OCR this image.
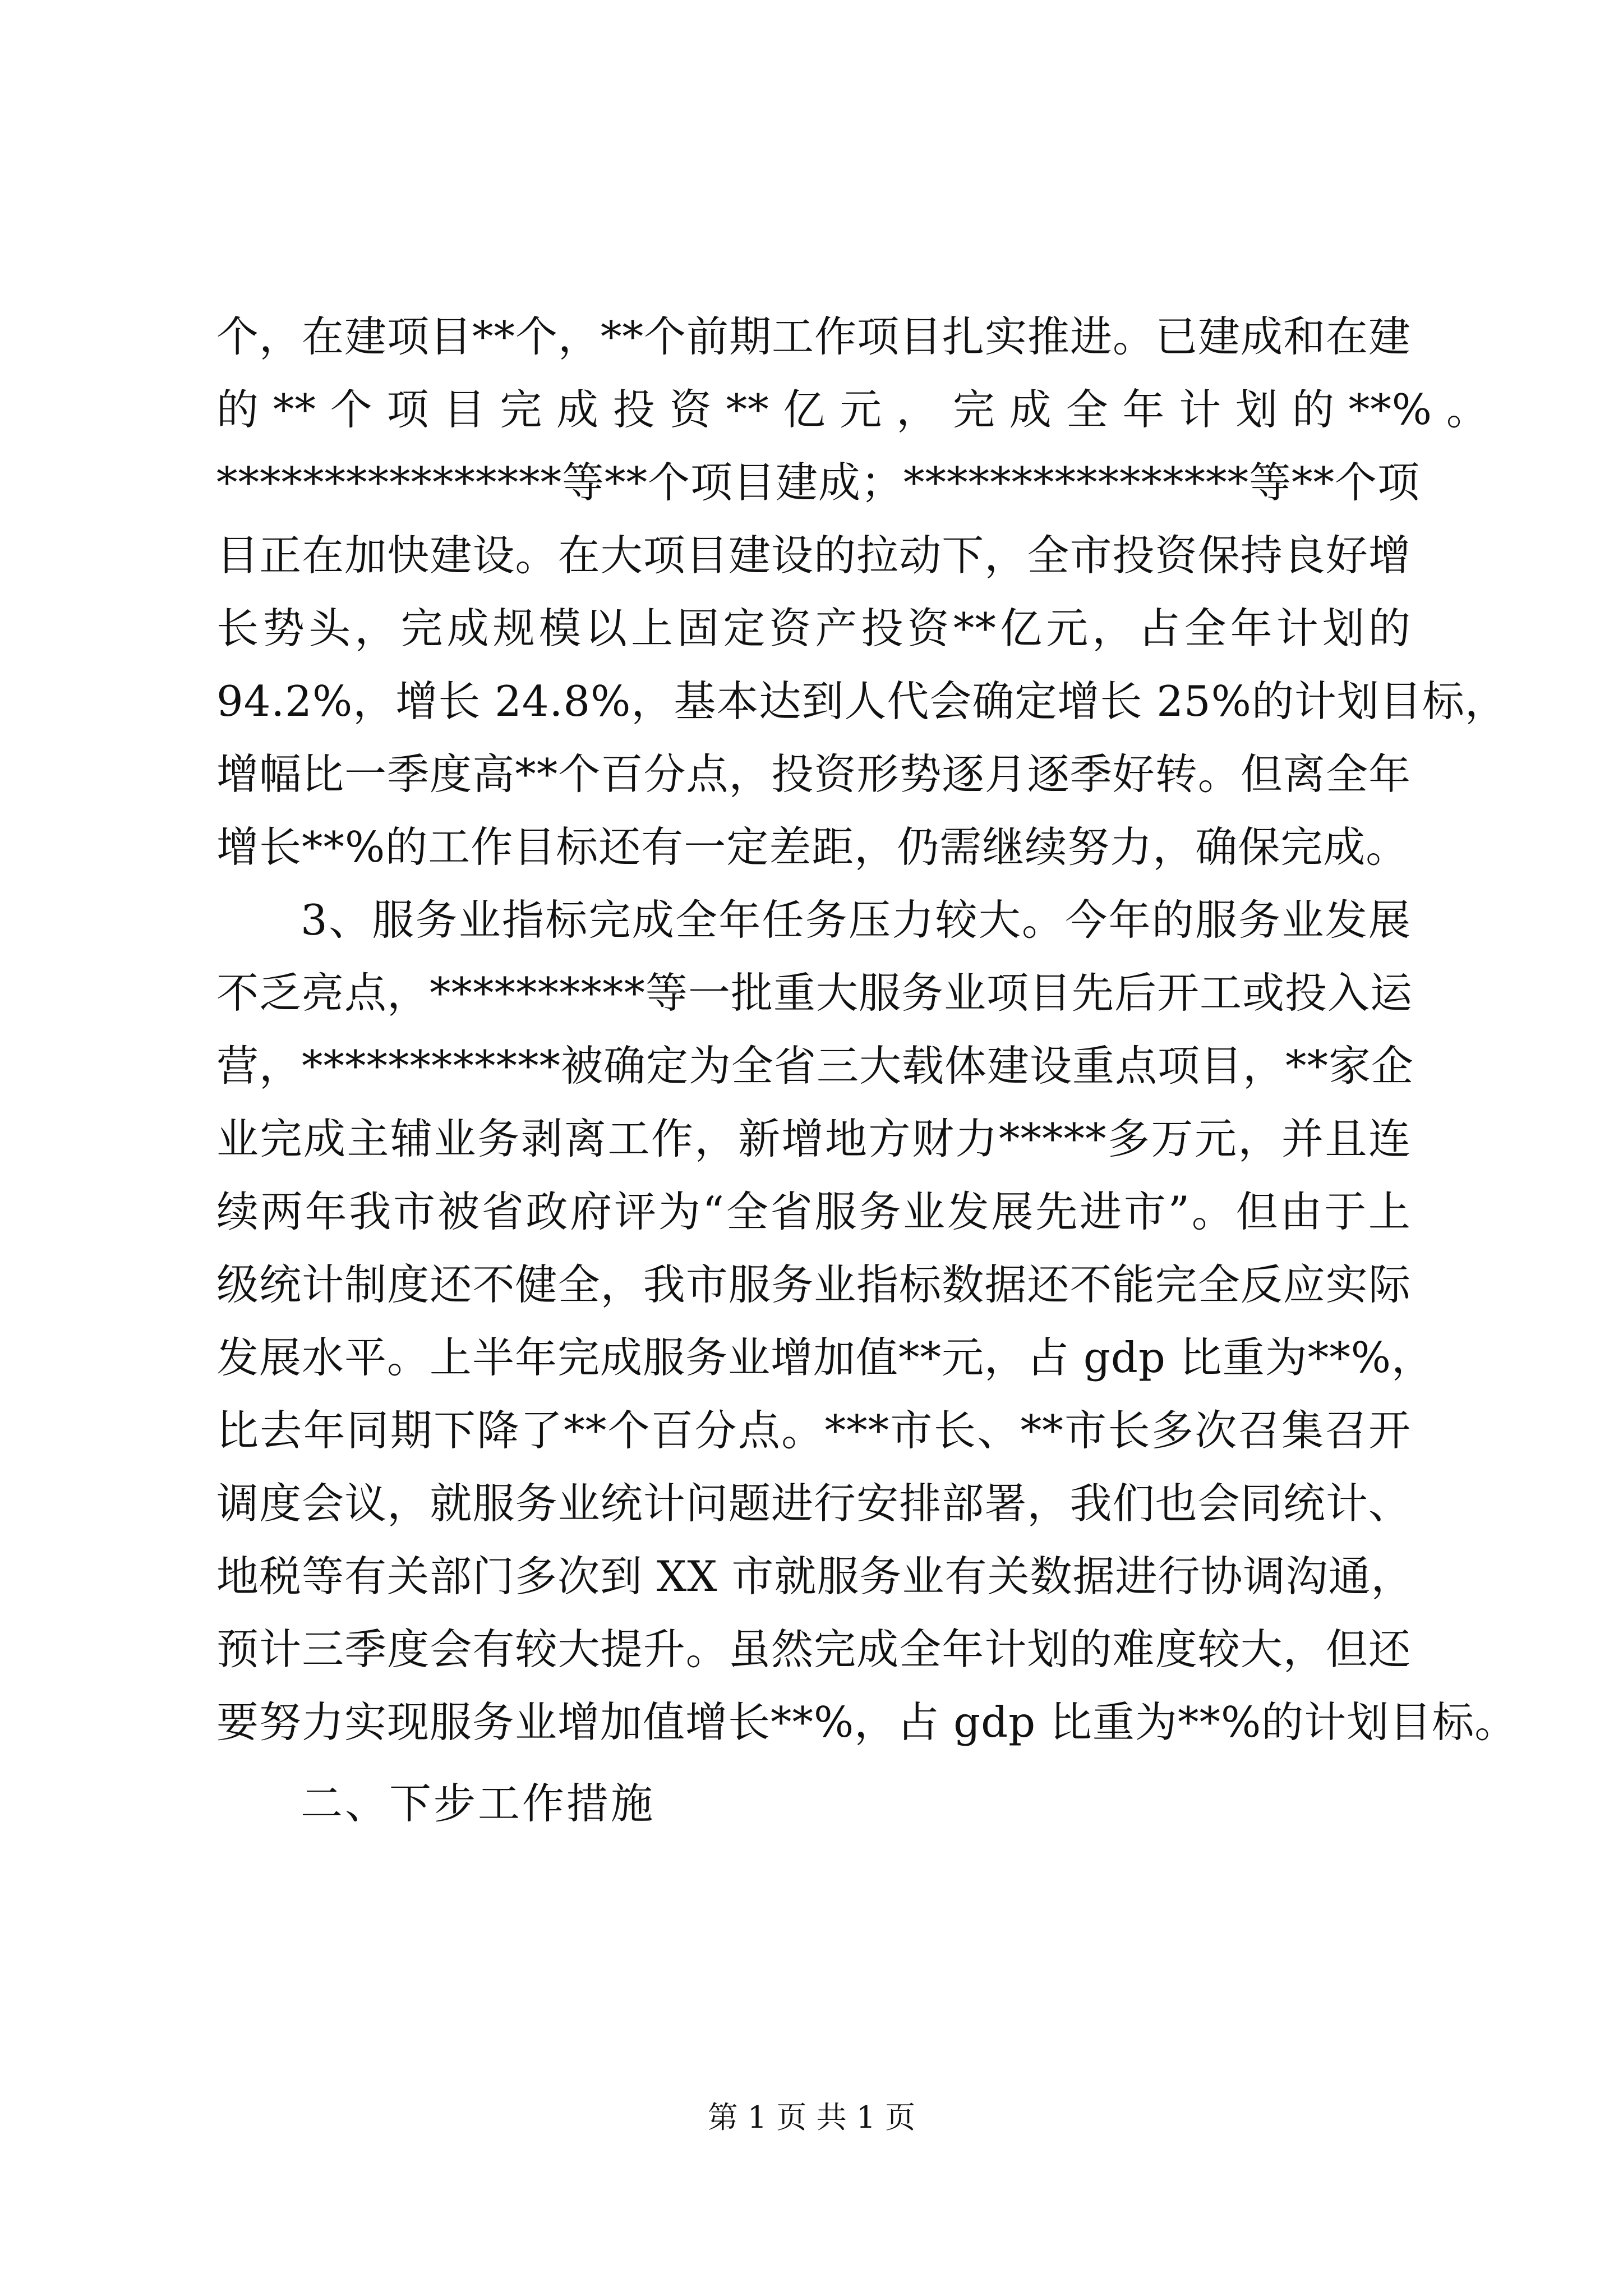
个，在建项目**个，**个前期工作项目扎实推进。已建成和在建
的 ** 个 项 目 完 成 投 资 ** 亿 元 ， 完 成 全 年 计 划 的 **% 。
****************等**个项目建成；****************等**个项
目正在加快建设。在大项目建设的拉动下，全市投资保持良好增
长势头，完成规模以上固定资产投资**亿元，占全年计划的
94.2%，增长 24.8%，基本达到人代会确定增长 25%的计划目标，
增幅比一季度高**个百分点，投资形势逐月逐季好转。但离全年
增长**%的工作目标还有一定差距，仍需继续努力，确保完成。
3、服务业指标完成全年任务压力较大。今年的服务业发展
不乏亮点，**********等一批重大服务业项目先后开工或投入运
营，************被确定为全省三大载体建设重点项目，**家企
业完成主辅业务剥离工作，新增地方财力*****多万元，并且连
续两年我市被省政府评为“全省服务业发展先进市”。但由于上
级统计制度还不健全，我市服务业指标数据还不能完全反应实际
发展水平。上半年完成服务业增加值**元，占 gdp 比重为**%，
比去年同期下降了**个百分点。***市长、**市长多次召集召开
调度会议，就服务业统计问题进行安排部署，我们也会同统计、
地税等有关部门多次到 XX 市就服务业有关数据进行协调沟通，
预计三季度会有较大提升。虽然完成全年计划的难度较大，但还
要努力实现服务业增加值增长**%，占 gdp 比重为**%的计划目标。
二、下步工作措施
第 1 页 共 1 页
